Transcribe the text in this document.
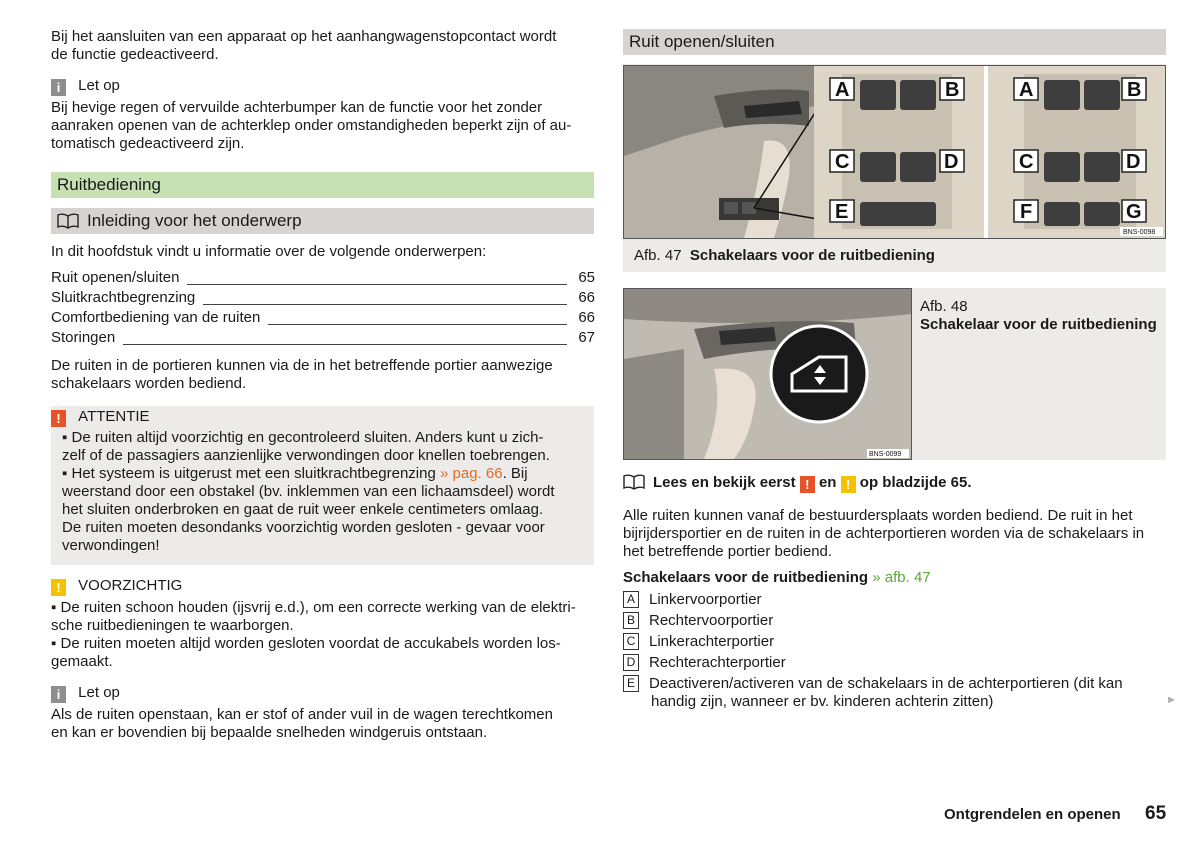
Bij het aansluiten van een apparaat op het aanhangwagenstopcontact wordt
de functie gedeactiveerd.
i Let op
Bij hevige regen of vervuilde achterbumper kan de functie voor het zonder
aanraken openen van de achterklep onder omstandigheden beperkt zijn of au-
tomatisch gedeactiveerd zijn.
Ruitbediening
Inleiding voor het onderwerp
In dit hoofdstuk vindt u informatie over de volgende onderwerpen:
Ruit openen/sluiten	65
Sluitkrachtbegrenzing	66
Comfortbediening van de ruiten	66
Storingen	67
De ruiten in de portieren kunnen via de in het betreffende portier aanwezige
schakelaars worden bediend.
! ATTENTIE
▪ De ruiten altijd voorzichtig en gecontroleerd sluiten. Anders kunt u zich-
zelf of de passagiers aanzienlijke verwondingen door knellen toebrengen.
▪ Het systeem is uitgerust met een sluitkrachtbegrenzing » pag. 66. Bij
weerstand door een obstakel (bv. inklemmen van een lichaamsdeel) wordt
het sluiten onderbroken en gaat de ruit weer enkele centimeters omlaag.
De ruiten moeten desondanks voorzichtig worden gesloten - gevaar voor
verwondingen!
! VOORZICHTIG
▪ De ruiten schoon houden (ijsvrij e.d.), om een correcte werking van de elektri-
sche ruitbedieningen te waarborgen.
▪ De ruiten moeten altijd worden gesloten voordat de accukabels worden los-
gemaakt.
i Let op
Als de ruiten openstaan, kan er stof of ander vuil in de wagen terechtkomen
en kan er bovendien bij bepaalde snelheden windgeruis ontstaan.
Ruit openen/sluiten
A	B
C	D
E
A	B
C	D
F	G
BNS-0098
Afb. 47 Schakelaars voor de ruitbediening
BNS-0099
Afb. 48
Schakelaar voor de ruitbediening
Lees en bekijk eerst ! en ! op bladzijde 65.
Alle ruiten kunnen vanaf de bestuurdersplaats worden bediend. De ruit in het
bijrijdersportier en de ruiten in de achterportieren worden via de schakelaars in
het betreffende portier bediend.
Schakelaars voor de ruitbediening » afb. 47
A Linkervoorportier
B Rechtervoorportier
C Linkerachterportier
D Rechterachterportier
E Deactiveren/activeren van de schakelaars in de achterportieren (dit kan
handig zijn, wanneer er bv. kinderen achterin zitten)	►
Ontgrendelen en openen 65
